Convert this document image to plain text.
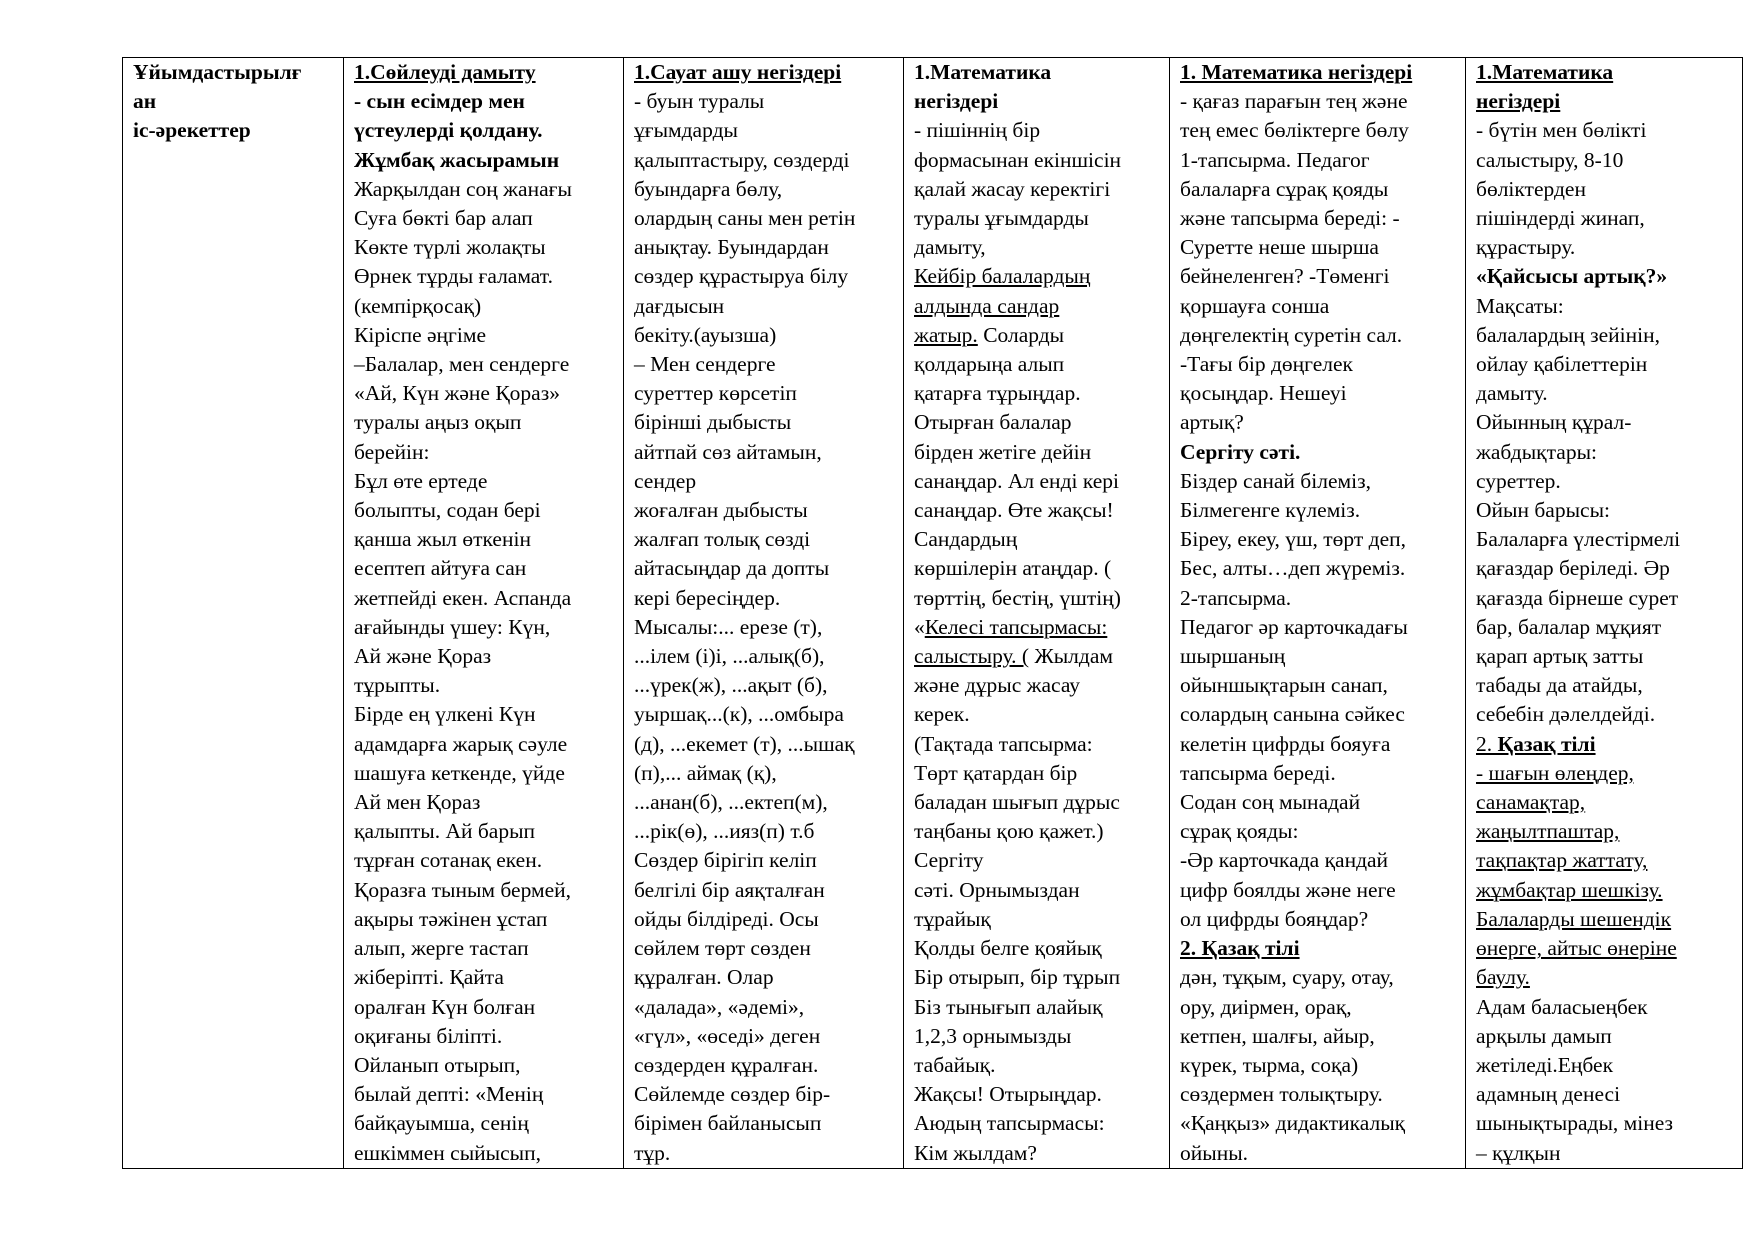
Ұйымдастырылғ
ан
іс-әрекеттер

1.Сөйлеуді дамыту
- сын есімдер мен
үстеулерді қолдану.
Жұмбақ жасырамын
Жарқылдан соң жанағы
Суға бөкті бар алап
Көкте түрлі жолақты
Өрнек тұрды ғаламат.
(кемпірқосақ)
Кіріспе әңгіме
–Балалар, мен сендерге
«Ай, Күн және Қораз»
туралы аңыз оқып
берейін:
Бұл өте ертеде
болыпты, содан бері
қанша жыл өткенін
есептеп айтуға сан
жетпейді екен. Аспанда
ағайынды үшеу: Күн,
Ай және Қораз
тұрыпты.
Бірде ең үлкені Күн
адамдарға жарық сәуле
шашуға кеткенде, үйде
Ай мен Қораз
қалыпты. Ай барып
тұрған сотанақ екен.
Қоразға тыным бермей,
ақыры тәжінен ұстап
алып, жерге тастап
жіберіпті. Қайта
оралған Күн болған
оқиғаны біліпті.
Ойланып отырып,
былай депті: «Менің
байқауымша, сенің
ешкіммен сыйысып,

1.Сауат ашу негіздері
- буын туралы
ұғымдарды
қалыптастыру, сөздерді
буындарға бөлу,
олардың саны мен ретін
анықтау. Буындардан
сөздер құрастыруа білу
дағдысын
бекіту.(ауызша)
– Мен сендерге
суреттер көрсетіп
бірінші дыбысты
айтпай сөз айтамын,
сендер
жоғалған дыбысты
жалғап толық сөзді
айтасыңдар да допты
кері бересіңдер.
Мысалы:... ерезе (т),
...ілем (і)і, ...алық(б),
...үрек(ж), ...ақыт (б),
уыршақ...(к), ...омбыра
(д), ...екемет (т), ...ышақ
(п),... аймақ (қ),
...анан(б), ...ектеп(м),
...рік(ө), ...ияз(п) т.б
Сөздер бірігіп келіп
белгілі бір аяқталған
ойды білдіреді. Осы
сөйлем төрт сөзден
құралған. Олар
«далада», «әдемі»,
«гүл», «өседі» деген
сөздерден құралған.
Сөйлемде сөздер бір-
бірімен байланысып
тұр.

1.Математика
негіздері
- пішіннің бір
формасынан екіншісін
қалай жасау керектігі
туралы ұғымдарды
дамыту,
Кейбір балалардың
алдында сандар
жатыр. Соларды
қолдарыңа алып
қатарға тұрыңдар.
Отырған балалар
бірден жетіге дейін
санаңдар. Ал енді кері
санаңдар. Өте жақсы!
Сандардың
көршілерін атаңдар. (
төрттің, бестің, үштің)
«Келесі тапсырмасы:
салыстыру. ( Жылдам
және дұрыс жасау
керек.
(Тақтада тапсырма:
Төрт қатардан бір
баладан шығып дұрыс
таңбаны қою қажет.)
Сергіту
сәті. Орнымыздан
тұрайық
Қолды белге қояйық
Бір отырып, бір тұрып
Біз тынығып алайық
1,2,3 орнымызды
табайық.
Жақсы! Отырыңдар.
Аюдың тапсырмасы:
Кім жылдам?

1. Математика негіздері
- қағаз парағын тең және
тең емес бөліктерге бөлу
1-тапсырма. Педагог
балаларға сұрақ қояды
және тапсырма береді: -
Суретте неше шырша
бейнеленген? -Төменгі
қоршауға сонша
дөңгелектің суретін сал.
-Тағы бір дөңгелек
қосыңдар. Нешеуі
артық?
Сергіту сәті.
Біздер санай білеміз,
Білмегенге күлеміз.
Біреу, екеу, үш, төрт деп,
Бес, алты…деп жүреміз.
2-тапсырма.
Педагог әр карточкадағы
шыршаның
ойыншықтарын санап,
солардың санына сәйкес
келетін цифрды бояуға
тапсырма береді.
Содан соң мынадай
сұрақ қояды:
-Әр карточкада қандай
цифр боялды және неге
ол цифрды бояңдар?
2. Қазақ тілі
дән, тұқым, суару, отау,
ору, диірмен, орақ,
кетпен, шалғы, айыр,
күрек, тырма, соқа)
сөздермен толықтыру.
«Қаңқыз» дидактикалық
ойыны.

1.Математика
негіздері
- бүтін мен бөлікті
салыстыру, 8-10
бөліктерден
пішіндерді жинап,
құрастыру.
«Қайсысы артық?»
Мақсаты:
балалардың зейінін,
ойлау қабілеттерін
дамыту.
Ойынның құрал-
жабдықтары:
суреттер.
Ойын барысы:
Балаларға үлестірмелі
қағаздар беріледі. Әр
қағазда бірнеше сурет
бар, балалар мұқият
қарап артық затты
табады да атайды,
себебін дәлелдейді.
2. Қазақ тілі
- шағын өлеңдер,
санамақтар,
жаңылтпаштар,
тақпақтар жаттату,
жұмбақтар шешкізу.
Балаларды шешендік
өнерге, айтыс өнеріне
баулу.
Адам баласыеңбек
арқылы дамып
жетіледі.Еңбек
адамның денесі
шынықтырады, мінез
– құлқын
